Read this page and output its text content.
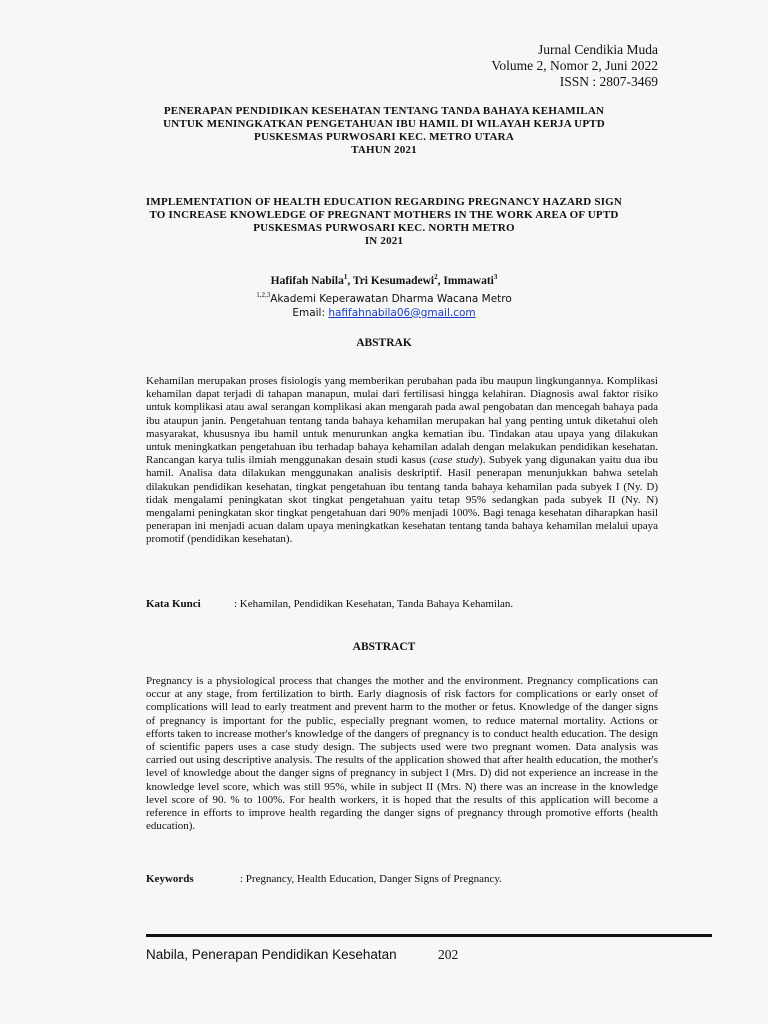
Jurnal Cendikia Muda
Volume 2, Nomor 2, Juni 2022
ISSN : 2807-3469
PENERAPAN PENDIDIKAN KESEHATAN TENTANG TANDA BAHAYA KEHAMILAN
UNTUK MENINGKATKAN PENGETAHUAN IBU HAMIL DI WILAYAH KERJA UPTD
PUSKESMAS PURWOSARI KEC. METRO UTARA
TAHUN 2021
IMPLEMENTATION OF HEALTH EDUCATION REGARDING PREGNANCY HAZARD SIGN
TO INCREASE KNOWLEDGE OF PREGNANT MOTHERS IN THE WORK AREA OF UPTD
PUSKESMAS PURWOSARI KEC. NORTH METRO
IN 2021
Hafifah Nabila$^1$, Tri Kesumadewi$^2$, Immawati$^3$
$^{1,2,3}$Akademi Keperawatan Dharma Wacana Metro
Email: hafifahnabila06@gmail.com
ABSTRAK
Kehamilan merupakan proses fisiologis yang memberikan perubahan pada ibu maupun lingkungannya. Komplikasi kehamilan dapat terjadi di tahapan manapun, mulai dari fertilisasi hingga kelahiran. Diagnosis awal faktor risiko untuk komplikasi atau awal serangan komplikasi akan mengarah pada awal pengobatan dan mencegah bahaya pada ibu ataupun janin. Pengetahuan tentang tanda bahaya kehamilan merupakan hal yang penting untuk diketahui oleh masyarakat, khususnya ibu hamil untuk menurunkan angka kematian ibu. Tindakan atau upaya yang dilakukan untuk meningkatkan pengetahuan ibu terhadap bahaya kehamilan adalah dengan melakukan pendidikan kesehatan. Rancangan karya tulis ilmiah menggunakan desain studi kasus (case study). Subyek yang digunakan yaitu dua ibu hamil. Analisa data dilakukan menggunakan analisis deskriptif. Hasil penerapan menunjukkan bahwa setelah dilakukan pendidikan kesehatan, tingkat pengetahuan ibu tentang tanda bahaya kehamilan pada subyek I (Ny. D) tidak mengalami peningkatan skot tingkat pengetahuan yaitu tetap 95% sedangkan pada subyek II (Ny. N) mengalami peningkatan skor tingkat pengetahuan dari 90% menjadi 100%. Bagi tenaga kesehatan diharapkan hasil penerapan ini menjadi acuan dalam upaya meningkatkan kesehatan tentang tanda bahaya kehamilan melalui upaya promotif (pendidikan kesehatan).
Kata Kunci	: Kehamilan, Pendidikan Kesehatan, Tanda Bahaya Kehamilan.
ABSTRACT
Pregnancy is a physiological process that changes the mother and the environment. Pregnancy complications can occur at any stage, from fertilization to birth. Early diagnosis of risk factors for complications or early onset of complications will lead to early treatment and prevent harm to the mother or fetus. Knowledge of the danger signs of pregnancy is important for the public, especially pregnant women, to reduce maternal mortality. Actions or efforts taken to increase mother's knowledge of the dangers of pregnancy is to conduct health education. The design of scientific papers uses a case study design. The subjects used were two pregnant women. Data analysis was carried out using descriptive analysis. The results of the application showed that after health education, the mother's level of knowledge about the danger signs of pregnancy in subject I (Mrs. D) did not experience an increase in the knowledge level score, which was still 95%, while in subject II (Mrs. N) there was an increase in the knowledge level score of 90. % to 100%. For health workers, it is hoped that the results of this application will become a reference in efforts to improve health regarding the danger signs of pregnancy through promotive efforts (health education).
Keywords	: Pregnancy, Health Education, Danger Signs of Pregnancy.
Nabila, Penerapan Pendidikan Kesehatan	202
